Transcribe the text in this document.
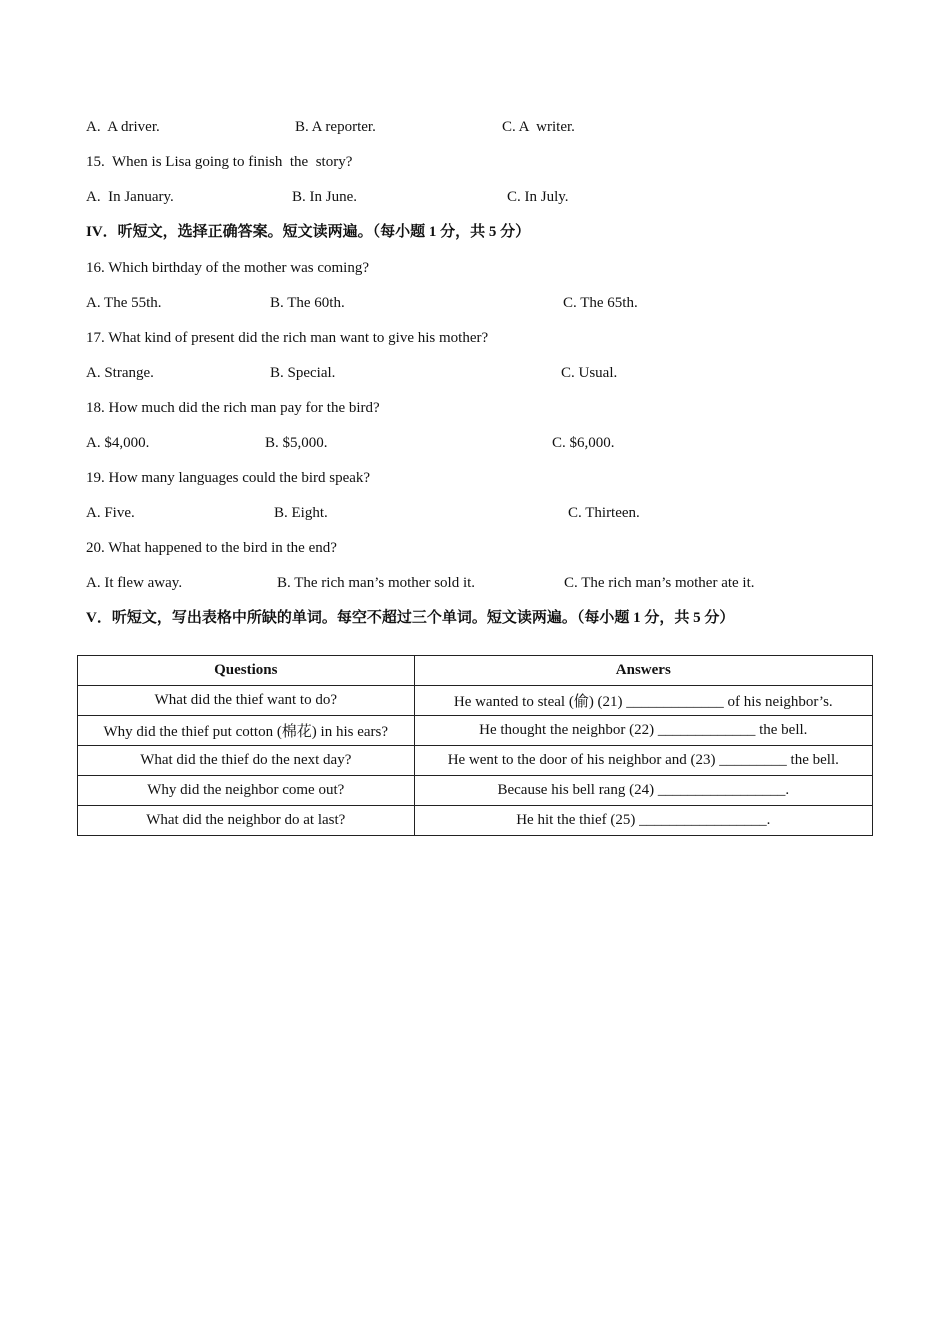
A.  A driver.	B. A reporter.	C. A  writer.
15.  When is Lisa going to finish  the  story?
A.  In January.	B. In June.	C. In July.
IV．听短文，选择正确答案。短文读两遍。（每小题 1 分，共 5 分）
16. Which birthday of the mother was coming?
A. The 55th.	B. The 60th.	C. The 65th.
17. What kind of present did the rich man want to give his mother?
A. Strange.	B. Special.	C. Usual.
18. How much did the rich man pay for the bird?
A. $4,000.	B. $5,000.	C. $6,000.
19. How many languages could the bird speak?
A. Five.	B. Eight.	C. Thirteen.
20. What happened to the bird in the end?
A. It flew away.	B. The rich man’s mother sold it.	C. The rich man’s mother ate it.
V．听短文，写出表格中所缺的单词。每空不超过三个单词。短文读两遍。（每小题 1 分，共 5 分）
Questions	Answers
What did the thief want to do?	He wanted to steal (偷) (21) _____________ of his neighbor’s.
Why did the thief put cotton (棉花) in his ears?	He thought the neighbor (22) _____________ the bell.
What did the thief do the next day?	He went to the door of his neighbor and (23) _________ the bell.
Why did the neighbor come out?	Because his bell rang (24) _________________.
What did the neighbor do at last?	He hit the thief (25) _________________.
